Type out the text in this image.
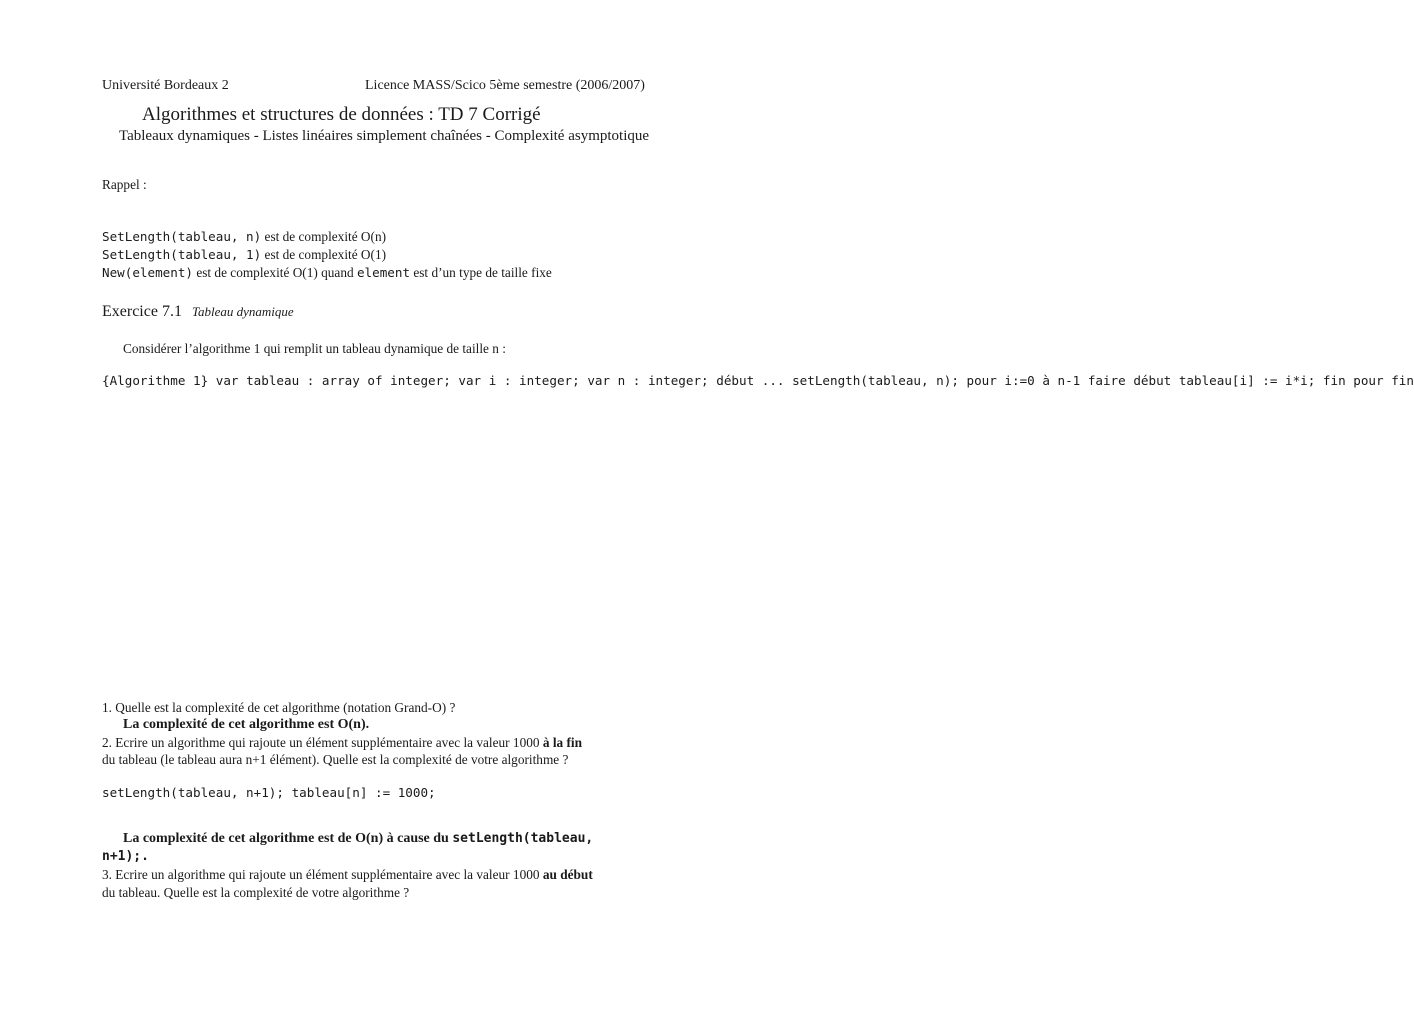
Université Bordeaux 2	Licence MASS/Scico 5ème semestre (2006/2007)
Algorithmes et structures de données : TD 7 Corrigé
Tableaux dynamiques - Listes linéaires simplement chaînées - Complexité asymptotique
Rappel :
SetLength(tableau, n) est de complexité O(n)
SetLength(tableau, 1) est de complexité O(1)
New(element) est de complexité O(1) quand element est d’un type de taille fixe
Exercice 7.1 Tableau dynamique
Considérer l’algorithme 1 qui remplit un tableau dynamique de taille n :
{Algorithme 1} var tableau : array of integer; var i : integer; var n : integer; début ... setLength(tableau, n); pour i:=0 à n-1 faire début tableau[i] := i*i; fin pour fin
1. Quelle est la complexité de cet algorithme (notation Grand-O) ?
La complexité de cet algorithme est O(n).
2. Ecrire un algorithme qui rajoute un élément supplémentaire avec la valeur 1000 à la fin
du tableau (le tableau aura n+1 élément). Quelle est la complexité de votre algorithme ?
setLength(tableau, n+1); tableau[n] := 1000;
La complexité de cet algorithme est de O(n) à cause du setLength(tableau,
n+1);.
3. Ecrire un algorithme qui rajoute un élément supplémentaire avec la valeur 1000 au début
du tableau. Quelle est la complexité de votre algorithme ?
